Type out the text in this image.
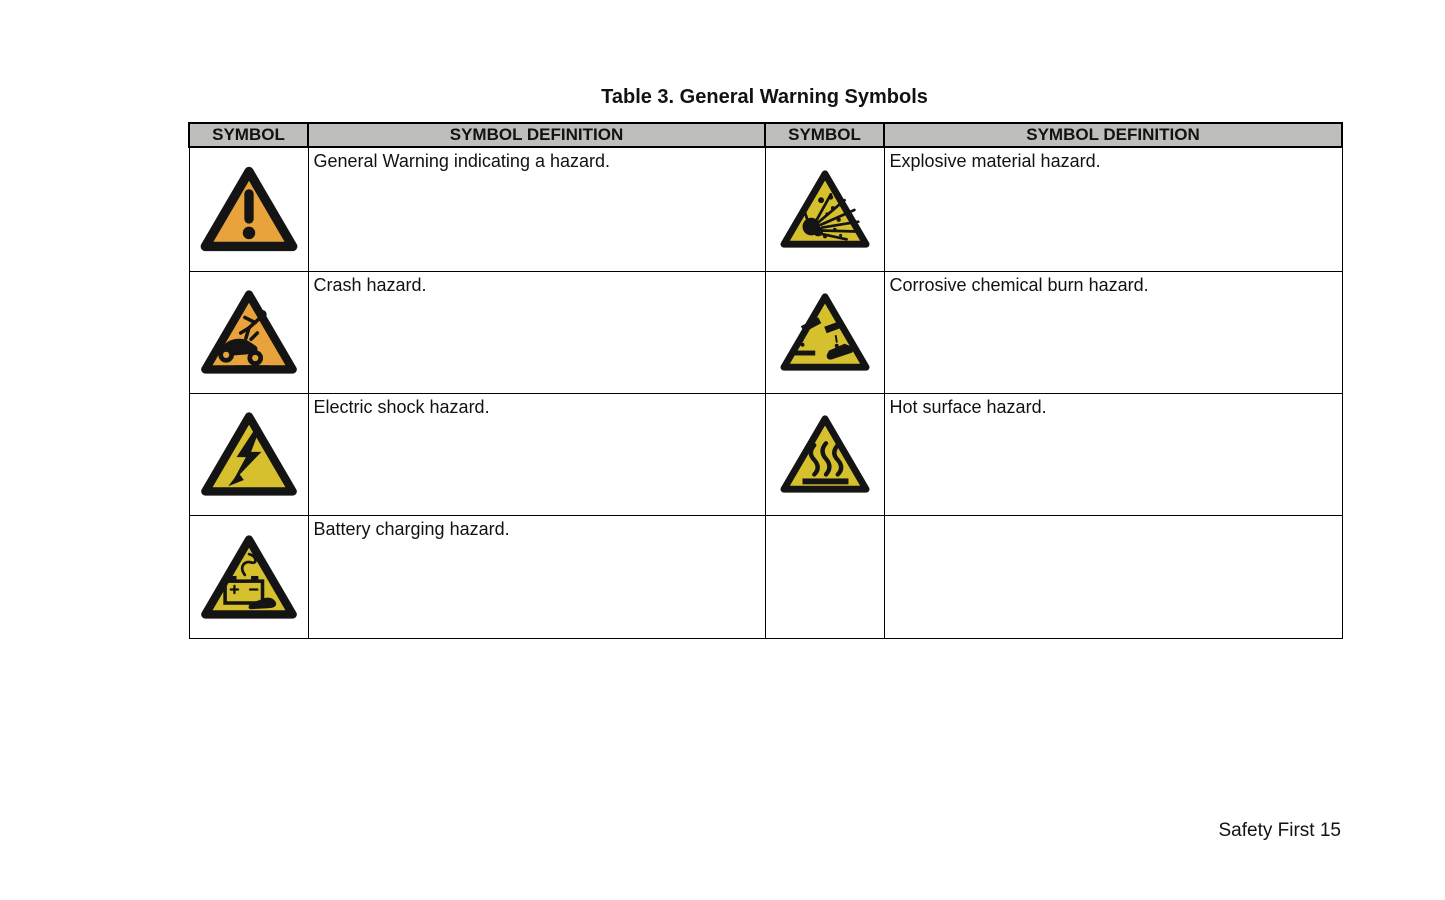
Table 3. General Warning Symbols
SYMBOL	SYMBOL DEFINITION	SYMBOL	SYMBOL DEFINITION

	General Warning indicating a hazard.		Explosive material hazard.

	Crash hazard.		Corrosive chemical burn hazard.

	Electric shock hazard.		Hot surface hazard.

	Battery charging hazard.		
Safety First 15
